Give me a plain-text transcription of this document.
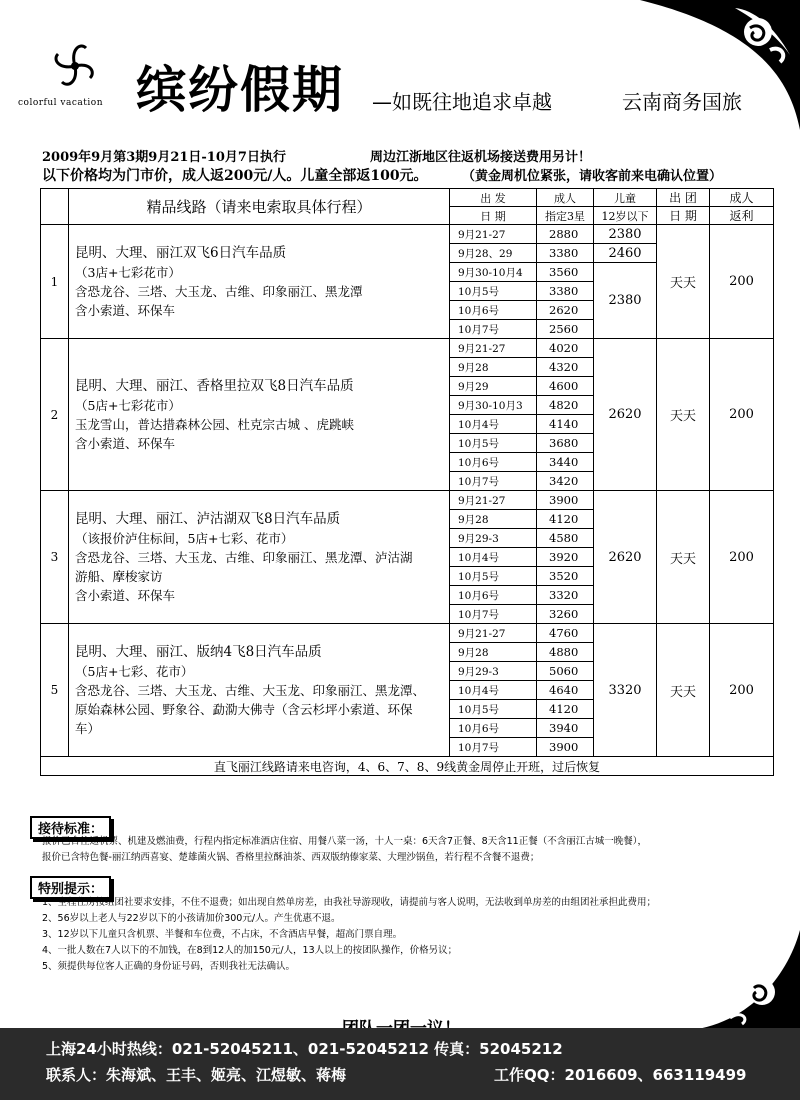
colorful vacation 缤纷假期 —如既往地追求卓越	云南商务国旅
2009年9月第3期9月21日-10月7日执行	周边江浙地区往返机场接送费用另计！
以下价格均为门市价，成人返200元/人。儿童全部返100元。	（黄金周机位紧张，请收客前来电确认位置）
	精品线路（请来电索取具体行程）	出 发	成人	儿童	出 团	成人
		日 期	指定3星	12岁以下	日 期	返利
1	昆明、大理、丽江双飞6日汽车品质
（3店+七彩花市）
含恐龙谷、三塔、大玉龙、古维、印象丽江、黑龙潭
含小索道、环保车	9月21-27	2880	2380	天天	200
		9月28、29	3380	2460		
		9月30-10月4	3560	2380		
		10月5号	3380			
		10月6号	2620			
		10月7号	2560			
2	昆明、大理、丽江、香格里拉双飞8日汽车品质
（5店+七彩花市）
玉龙雪山，普达措森林公园、杜克宗古城 、虎跳峡
含小索道、环保车	9月21-27	4020	2620	天天	200
		9月28	4320			
		9月29	4600			
		9月30-10月3	4820			
		10月4号	4140			
		10月5号	3680			
		10月6号	3440			
		10月7号	3420			
3	昆明、大理、丽江、泸沽湖双飞8日汽车品质
（该报价泸住标间，5店+七彩、花市）
含恐龙谷、三塔、大玉龙、古维、印象丽江、黑龙潭、泸沽湖
游船、摩梭家访
含小索道、环保车	9月21-27	3900	2620	天天	200
		9月28	4120			
		9月29-3	4580			
		10月4号	3920			
		10月5号	3520			
		10月6号	3320			
		10月7号	3260			
5	昆明、大理、丽江、版纳4飞8日汽车品质
（5店+七彩、花市）
含恐龙谷、三塔、大玉龙、古维、大玉龙、印象丽江、黑龙潭、
原始森林公园、野象谷、勐泐大佛寺（含云杉坪小索道、环保
车）	9月21-27	4760	3320	天天	200
		9月28	4880			
		9月29-3	5060			
		10月4号	4640			
		10月5号	4120			
		10月6号	3940			
		10月7号	3900			
直飞丽江线路请来电咨询，4、6、7、8、9线黄金周停止开班，过后恢复						
接待标准：
报价已含往返机票、机建及燃油费，行程内指定标准酒店住宿、用餐八菜一汤，十人一桌：6天含7正餐、8天含11正餐（不含丽江古城一晚餐），
报价已含特色餐-丽江纳西喜宴、楚雄菌火锅、香格里拉酥油茶、西双版纳傣家菜、大理沙锅鱼，若行程不含餐不退费；
特别提示：
1、全程住房按组团社要求安排，不住不退费；如出现自然单房差，由我社导游现收，请提前与客人说明，无法收到单房差的由组团社承担此费用；
2、56岁以上老人与22岁以下的小孩请加价300元/人。产生优惠不退。
3、12岁以下儿童只含机票、半餐和车位费，不占床，不含酒店早餐，超高门票自理。
4、一批人数在7人以下的不加钱，在8到12人的加150元/人，13人以上的按团队操作，价格另议；
5、须提供每位客人正确的身份证号码，否则我社无法确认。
上海24小时热线：021-52045211、021-52045212 传真：52045212
联系人：朱海斌、王丰、姬亮、江煜敏、蒋梅	工作QQ：2016609、663119499
